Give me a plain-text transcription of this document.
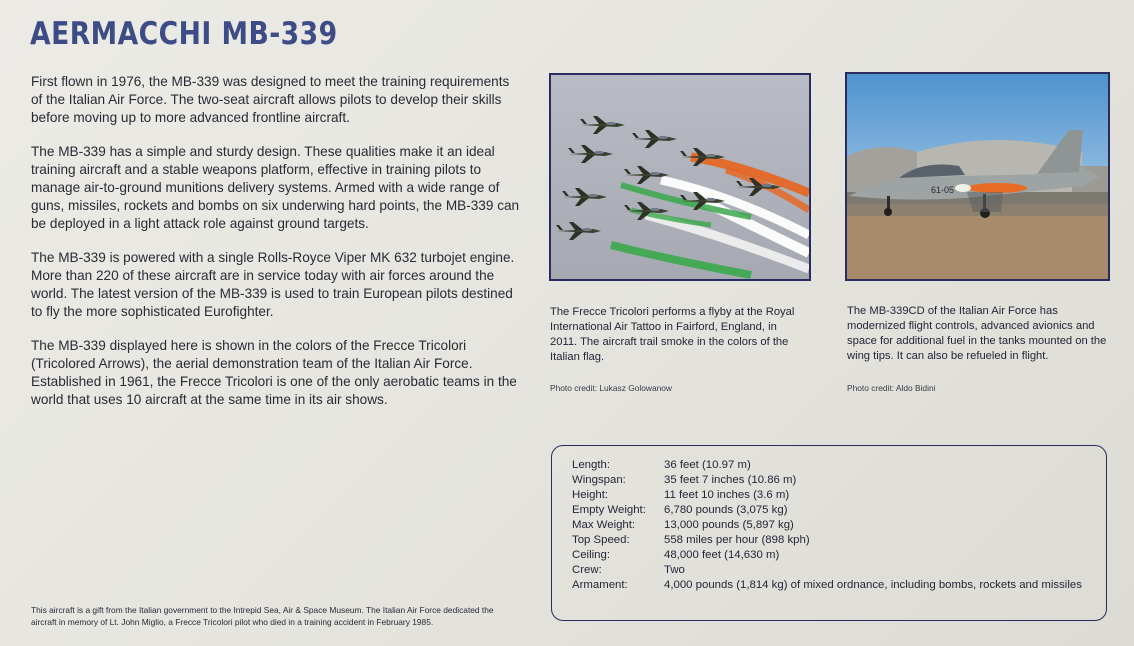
AERMACCHI MB-339

First flown in 1976, the MB-339 was designed to meet the training requirements of the Italian Air Force. The two-seat aircraft allows pilots to develop their skills before moving up to more advanced frontline aircraft.

The MB-339 has a simple and sturdy design. These qualities make it an ideal training aircraft and a stable weapons platform, effective in training pilots to manage air-to-ground munitions delivery systems. Armed with a wide range of guns, missiles, rockets and bombs on six underwing hard points, the MB-339 can be deployed in a light attack role against ground targets.

The MB-339 is powered with a single Rolls-Royce Viper MK 632 turbojet engine. More than 220 of these aircraft are in service today with air forces around the world. The latest version of the MB-339 is used to train European pilots destined to fly the more sophisticated Eurofighter.

The MB-339 displayed here is shown in the colors of the Frecce Tricolori (Tricolored Arrows), the aerial demonstration team of the Italian Air Force. Established in 1961, the Frecce Tricolori is one of the only aerobatic teams in the world that uses 10 aircraft at the same time in its air shows.

61-05
The Frecce Tricolori performs a flyby at the Royal International Air Tattoo in Fairford, England, in 2011. The aircraft trail smoke in the colors of the Italian flag.
Photo credit: Lukasz Golowanow
The MB-339CD of the Italian Air Force has modernized flight controls, advanced avionics and space for additional fuel in the tanks mounted on the wing tips. It can also be refueled in flight.
Photo credit: Aldo Bidini
Length:	36 feet (10.97 m)
Wingspan:	35 feet 7 inches (10.86 m)
Height:	11 feet 10 inches (3.6 m)
Empty Weight: 6,780 pounds (3,075 kg)
Max Weight:	13,000 pounds (5,897 kg)
Top Speed:	558 miles per hour (898 kph)
Ceiling:	48,000 feet (14,630 m)
Crew:	Two
Armament:	4,000 pounds (1,814 kg) of mixed ordnance, including bombs, rockets and missiles
This aircraft is a gift from the Italian government to the Intrepid Sea, Air & Space Museum. The Italian Air Force dedicated the aircraft in memory of Lt. John Miglio, a Frecce Tricolori pilot who died in a training accident in February 1985.
